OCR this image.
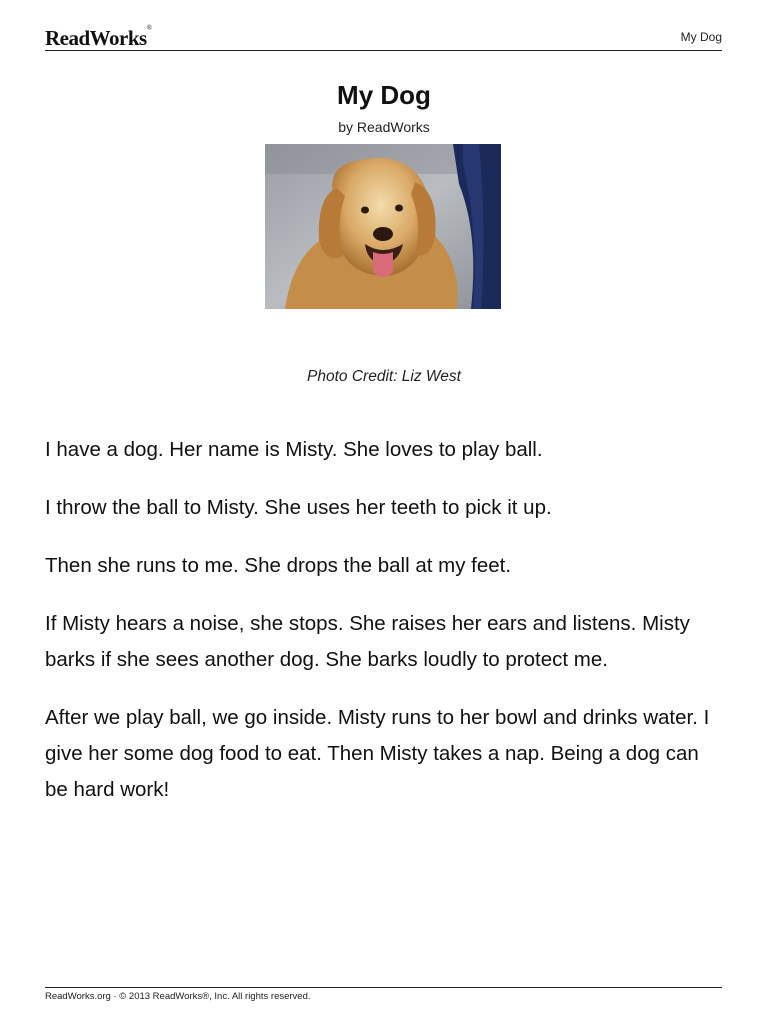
ReadWorks®
My Dog
My Dog
by ReadWorks
Photo Credit: Liz West

I have a dog. Her name is Misty. She loves to play ball.

I throw the ball to Misty. She uses her teeth to pick it up.

Then she runs to me. She drops the ball at my feet.

If Misty hears a noise, she stops. She raises her ears and listens. Misty barks if she sees another dog. She barks loudly to protect me.

After we play ball, we go inside. Misty runs to her bowl and drinks water. I give her some dog food to eat. Then Misty takes a nap. Being a dog can be hard work!

ReadWorks.org · © 2013 ReadWorks®, Inc. All rights reserved.
